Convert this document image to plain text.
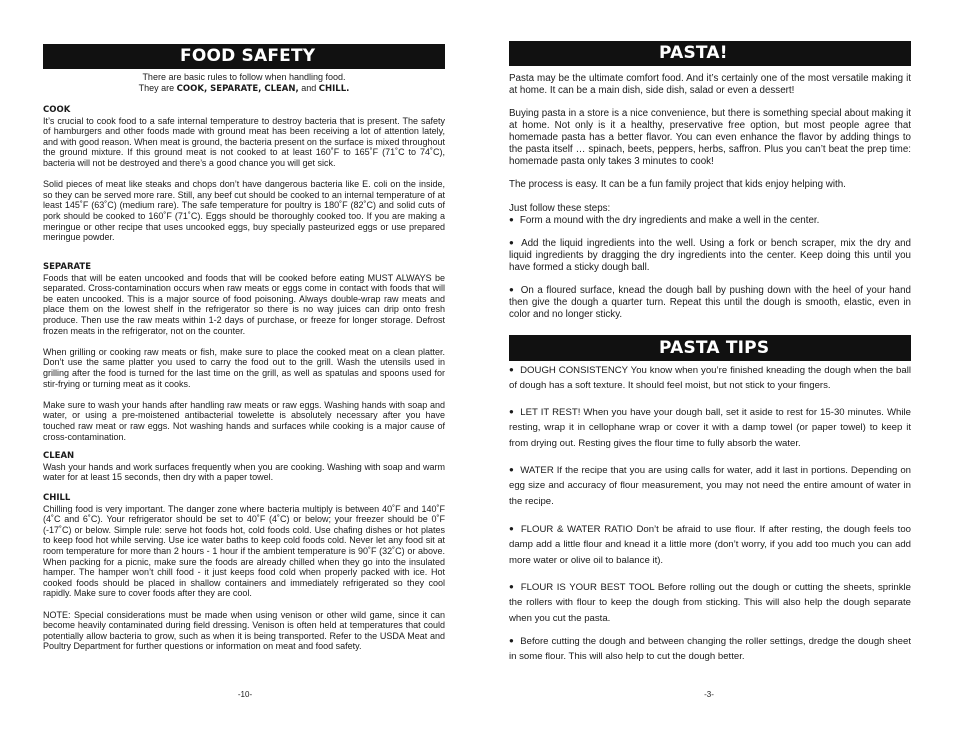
FOOD SAFETY
There are basic rules to follow when handling food.
They are COOK, SEPARATE, CLEAN, and CHILL.
COOK

It’s crucial to cook food to a safe internal temperature to destroy bacteria that is present. The safety of hamburgers and other foods made with ground meat has been receiving a lot of attention lately, and with good reason. When meat is ground, the bacteria present on the surface is mixed throughout the ground mixture. If this ground meat is not cooked to at least 160˚F to 165˚F (71˚C to 74˚C), bacteria will not be destroyed and there’s a good chance you will get sick.

Solid pieces of meat like steaks and chops don’t have dangerous bacteria like E. coli on the inside, so they can be served more rare. Still, any beef cut should be cooked to an internal temperature of at least 145˚F (63˚C) (medium rare). The safe temperature for poultry is 180˚F (82˚C) and solid cuts of pork should be cooked to 160˚F (71˚C). Eggs should be thoroughly cooked too. If you are making a meringue or other recipe that uses uncooked eggs, buy specially pasteurized eggs or use prepared meringue powder.

SEPARATE

Foods that will be eaten uncooked and foods that will be cooked before eating MUST ALWAYS be separated. Cross-contamination occurs when raw meats or eggs come in contact with foods that will be eaten uncooked. This is a major source of food poisoning. Always double-wrap raw meats and place them on the lowest shelf in the refrigerator so there is no way juices can drip onto fresh produce. Then use the raw meats within 1-2 days of purchase, or freeze for longer storage. Defrost frozen meats in the refrigerator, not on the counter.

When grilling or cooking raw meats or fish, make sure to place the cooked meat on a clean platter. Don’t use the same platter you used to carry the food out to the grill. Wash the utensils used in grilling after the food is turned for the last time on the grill, as well as spatulas and spoons used for stir-frying or turning meat as it cooks.

Make sure to wash your hands after handling raw meats or raw eggs. Washing hands with soap and water, or using a pre-moistened antibacterial towelette is absolutely necessary after you have touched raw meat or raw eggs. Not washing hands and surfaces while cooking is a major cause of cross-contamination.

CLEAN

Wash your hands and work surfaces frequently when you are cooking. Washing with soap and warm water for at least 15 seconds, then dry with a paper towel.

CHILL

Chilling food is very important. The danger zone where bacteria multiply is between 40˚F and 140˚F (4˚C and 6˚C). Your refrigerator should be set to 40˚F (4˚C) or below; your freezer should be 0˚F (-17˚C) or below. Simple rule: serve hot foods hot, cold foods cold. Use chafing dishes or hot plates to keep food hot while serving. Use ice water baths to keep cold foods cold. Never let any food sit at room temperature for more than 2 hours - 1 hour if the ambient temperature is 90˚F (32˚C) or above. When packing for a picnic, make sure the foods are already chilled when they go into the insulated hamper. The hamper won’t chill food - it just keeps food cold when properly packed with ice. Hot cooked foods should be placed in shallow containers and immediately refrigerated so they cool rapidly. Make sure to cover foods after they are cool.

NOTE: Special considerations must be made when using venison or other wild game, since it can become heavily contaminated during field dressing. Venison is often held at temperatures that could potentially allow bacteria to grow, such as when it is being transported. Refer to the USDA Meat and Poultry Department for further questions or information on meat and food safety.

-10-
PASTA!

Pasta may be the ultimate comfort food. And it’s certainly one of the most versatile making it at home. It can be a main dish, side dish, salad or even a dessert!

Buying pasta in a store is a nice convenience, but there is something special about making it at home. Not only is it a healthy, preservative free option, but most people agree that homemade pasta has a better flavor. You can even enhance the flavor by adding things to the pasta itself … spinach, beets, peppers, herbs, saffron. Plus you can’t beat the prep time: homemade pasta only takes 3 minutes to cook!

The process is easy. It can be a fun family project that kids enjoy helping with.

Just follow these steps:

● Form a mound with the dry ingredients and make a well in the center.

● Add the liquid ingredients into the well. Using a fork or bench scraper, mix the dry and liquid ingredients by dragging the dry ingredients into the center. Keep doing this until you have formed a sticky dough ball.

● On a floured surface, knead the dough ball by pushing down with the heel of your hand then give the dough a quarter turn. Repeat this until the dough is smooth, elastic, even in color and no longer sticky.

PASTA TIPS
● DOUGH CONSISTENCY You know when you’re finished kneading the dough when the ball of dough has a soft texture. It should feel moist, but not stick to your fingers.
● LET IT REST! When you have your dough ball, set it aside to rest for 15-30 minutes. While resting, wrap it in cellophane wrap or cover it with a damp towel (or paper towel) to keep it from drying out. Resting gives the flour time to fully absorb the water.
● WATER If the recipe that you are using calls for water, add it last in portions. Depending on egg size and accuracy of flour measurement, you may not need the entire amount of water in the recipe.
● FLOUR & WATER RATIO Don’t be afraid to use flour. If after resting, the dough feels too damp add a little flour and knead it a little more (don’t worry, if you add too much you can add more water or olive oil to balance it).
● FLOUR IS YOUR BEST TOOL Before rolling out the dough or cutting the sheets, sprinkle the rollers with flour to keep the dough from sticking. This will also help the dough separate when you cut the pasta.
● Before cutting the dough and between changing the roller settings, dredge the dough sheet in some flour. This will also help to cut the dough better.
-3-
